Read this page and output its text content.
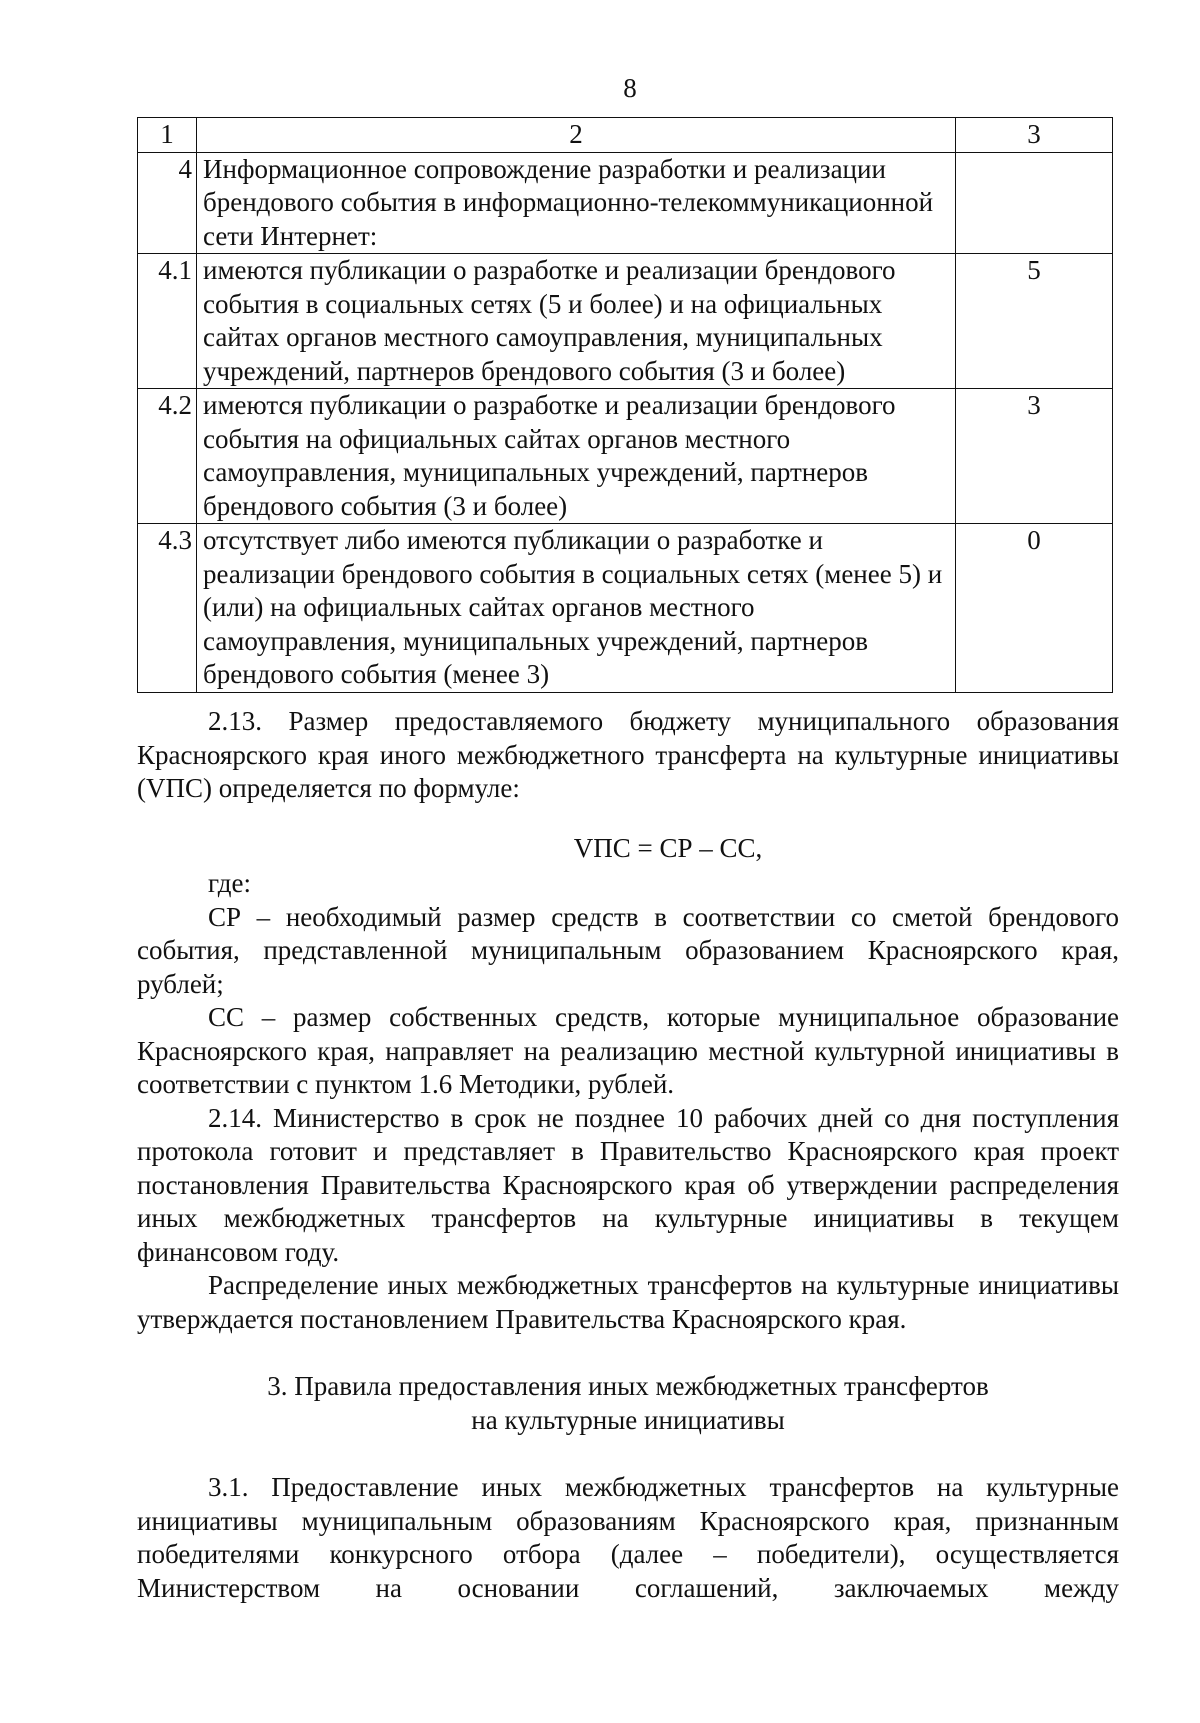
8
1	2	3
4	Информационное сопровождение разработки и реализации брендового события в информационно-телекоммуникационной сети Интернет:	
4.1	имеются публикации о разработке и реализации брендового события в социальных сетях (5 и более) и на официальных сайтах органов местного самоуправления, муниципальных учреждений, партнеров брендового события (3 и более)	5
4.2	имеются публикации о разработке и реализации брендового события на официальных сайтах органов местного самоуправления, муниципальных учреждений, партнеров брендового события (3 и более)	3
4.3	отсутствует либо имеются публикации о разработке и реализации брендового события в социальных сетях (менее 5) и (или) на официальных сайтах органов местного самоуправления, муниципальных учреждений, партнеров брендового события (менее 3)	0

2.13. Размер предоставляемого бюджету муниципального образования Красноярского края иного межбюджетного трансферта на культурные инициативы (VПС) определяется по формуле:

VПС = СР – СС,

где:

СР – необходимый размер средств в соответствии со сметой брендового события, представленной муниципальным образованием Красноярского края, рублей;

СС – размер собственных средств, которые муниципальное образование Красноярского края, направляет на реализацию местной культурной инициативы в соответствии с пунктом 1.6 Методики, рублей.

2.14. Министерство в срок не позднее 10 рабочих дней со дня поступления протокола готовит и представляет в Правительство Красноярского края проект постановления Правительства Красноярского края об утверждении распределения иных межбюджетных трансфертов на культурные инициативы в текущем финансовом году.

Распределение иных межбюджетных трансфертов на культурные инициативы утверждается постановлением Правительства Красноярского края.

3. Правила предоставления иных межбюджетных трансфертов

на культурные инициативы

3.1. Предоставление иных межбюджетных трансфертов на культурные инициативы муниципальным образованиям Красноярского края, признанным победителями конкурсного отбора (далее – победители), осуществляется Министерством на основании соглашений, заключаемых между
